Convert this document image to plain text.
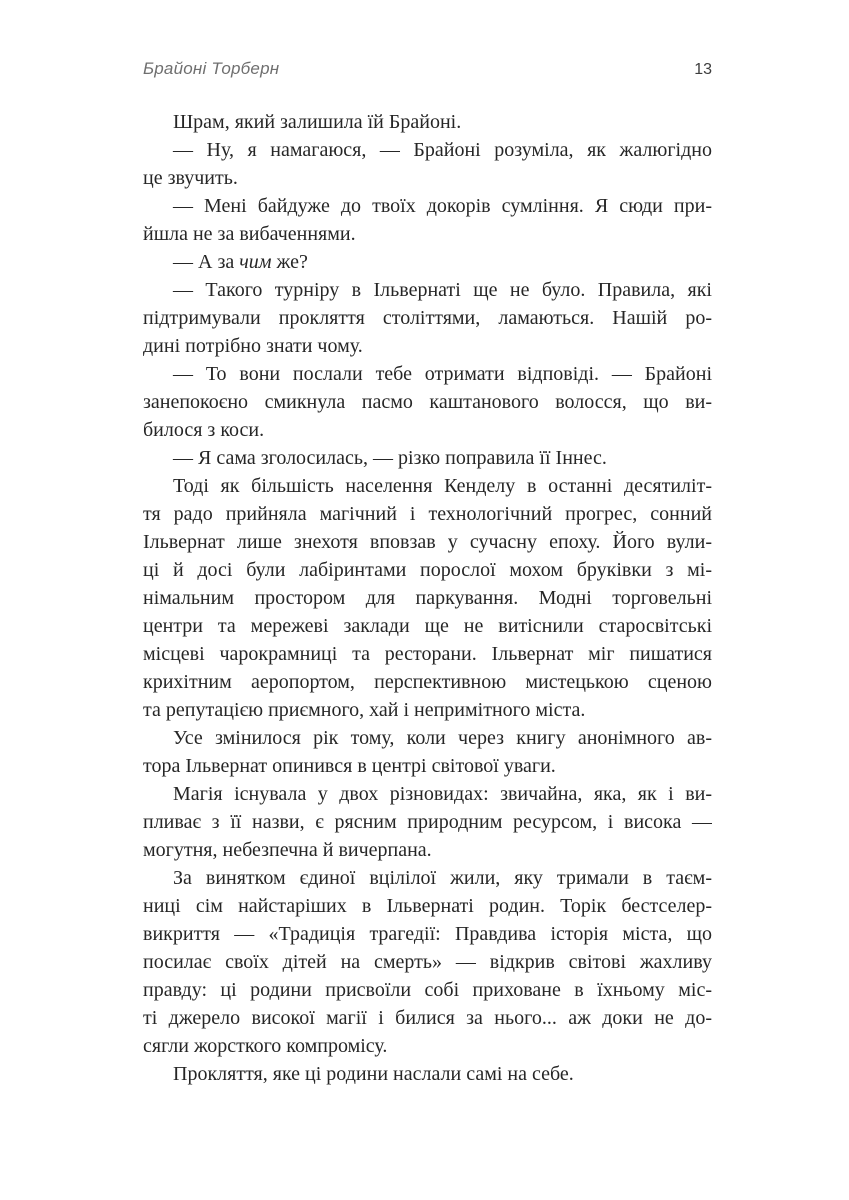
Брайоні Торберн	13
Шрам, який залишила їй Брайоні.
— Ну, я намагаюся, — Брайоні розуміла, як жалюгідно
це звучить.
— Мені байдуже до твоїх докорів сумління. Я сюди при-
йшла не за вибаченнями.
— А за чим же?
— Такого турніру в Ільвернаті ще не було. Правила, які
підтримували прокляття століттями, ламаються. Нашій ро-
дині потрібно знати чому.
— То вони послали тебе отримати відповіді. — Брайоні
занепокоєно смикнула пасмо каштанового волосся, що ви-
билося з коси.
— Я сама зголосилась, — різко поправила її Іннес.
Тоді як більшість населення Кенделу в останні десятиліт-
тя радо прийняла магічний і технологічний прогрес, сонний
Ільвернат лише знехотя вповзав у сучасну епоху. Його вули-
ці й досі були лабіринтами порослої мохом бруківки з мі-
німальним простором для паркування. Модні торговельні
центри та мережеві заклади ще не витіснили старосвітські
місцеві чарокрамниці та ресторани. Ільвернат міг пишатися
крихітним аеропортом, перспективною мистецькою сценою
та репутацією приємного, хай і непримітного міста.
Усе змінилося рік тому, коли через книгу анонімного ав-
тора Ільвернат опинився в центрі світової уваги.
Магія існувала у двох різновидах: звичайна, яка, як і ви-
пливає з її назви, є рясним природним ресурсом, і висока —
могутня, небезпечна й вичерпана.
За винятком єдиної вцілілої жили, яку тримали в таєм-
ниці сім найстаріших в Ільвернаті родин. Торік бестселер-
викриття — «Традиція трагедії: Правдива історія міста, що
посилає своїх дітей на смерть» — відкрив світові жахливу
правду: ці родини присвоїли собі приховане в їхньому міс-
ті джерело високої магії і билися за нього... аж доки не до-
сягли жорсткого компромісу.
Прокляття, яке ці родини наслали самі на себе.
